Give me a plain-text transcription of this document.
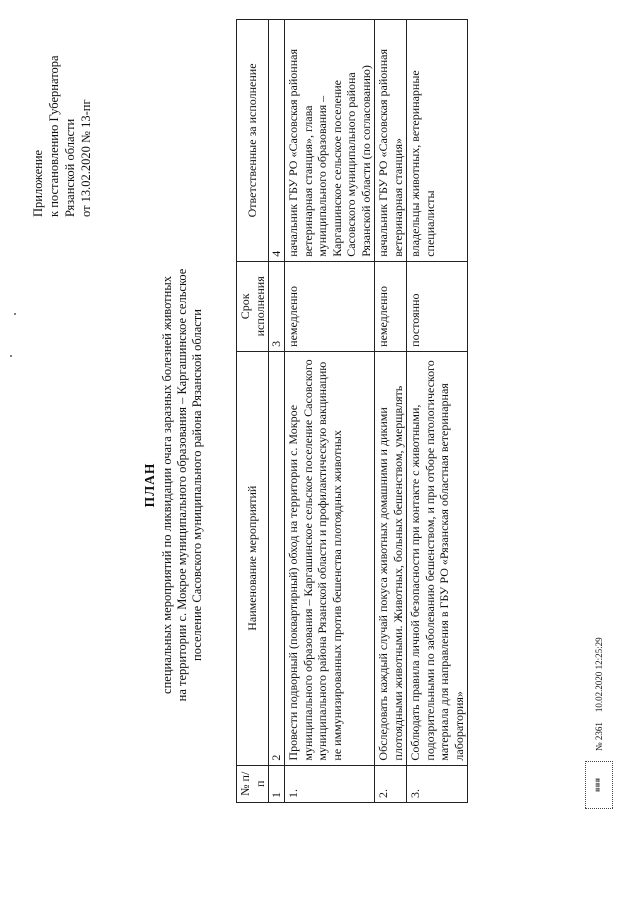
Приложение к постановлению Губернатора Рязанской области от 13.02.2020 № 13-пг
ПЛАН специальных мероприятий по ликвидации очага заразных болезней животных на территории с. Мокрое муниципального образования – Каргашинское сельское поселение Сасовского муниципального района Рязанской области
№ п/п	Наименование мероприятий	Срок исполнения	Ответственные за исполнение
1	2	3	4
1.	Провести подворный (поквартирный) обход на территории с. Мокрое муниципального образования – Каргашинское сельское поселение Сасовского муниципального района Рязанской области и профилактическую вакцинацию не иммунизированных против бешенства плотоядных животных	немедленно	начальник ГБУ РО «Сасовская районная ветеринарная станция», глава муниципального образования – Каргашинское сельское поселение Сасовского муниципального района Рязанской области (по согласованию)
2.	Обследовать каждый случай покуса животных домашними и дикими плотоядными животными. Животных, больных бешенством, умерщвлять	немедленно	начальник ГБУ РО «Сасовская районная ветеринарная станция»
3.	Соблюдать правила личной безопасности при контакте с животными, подозрительными по заболеванию бешенством, и при отборе патологического материала для направления в ГБУ РО «Рязанская областная ветеринарная лаборатория»	постоянно	владельцы животных, ветеринарные специалисты
▦▦▦
№ 2361
10.02.2020 12:25:29
